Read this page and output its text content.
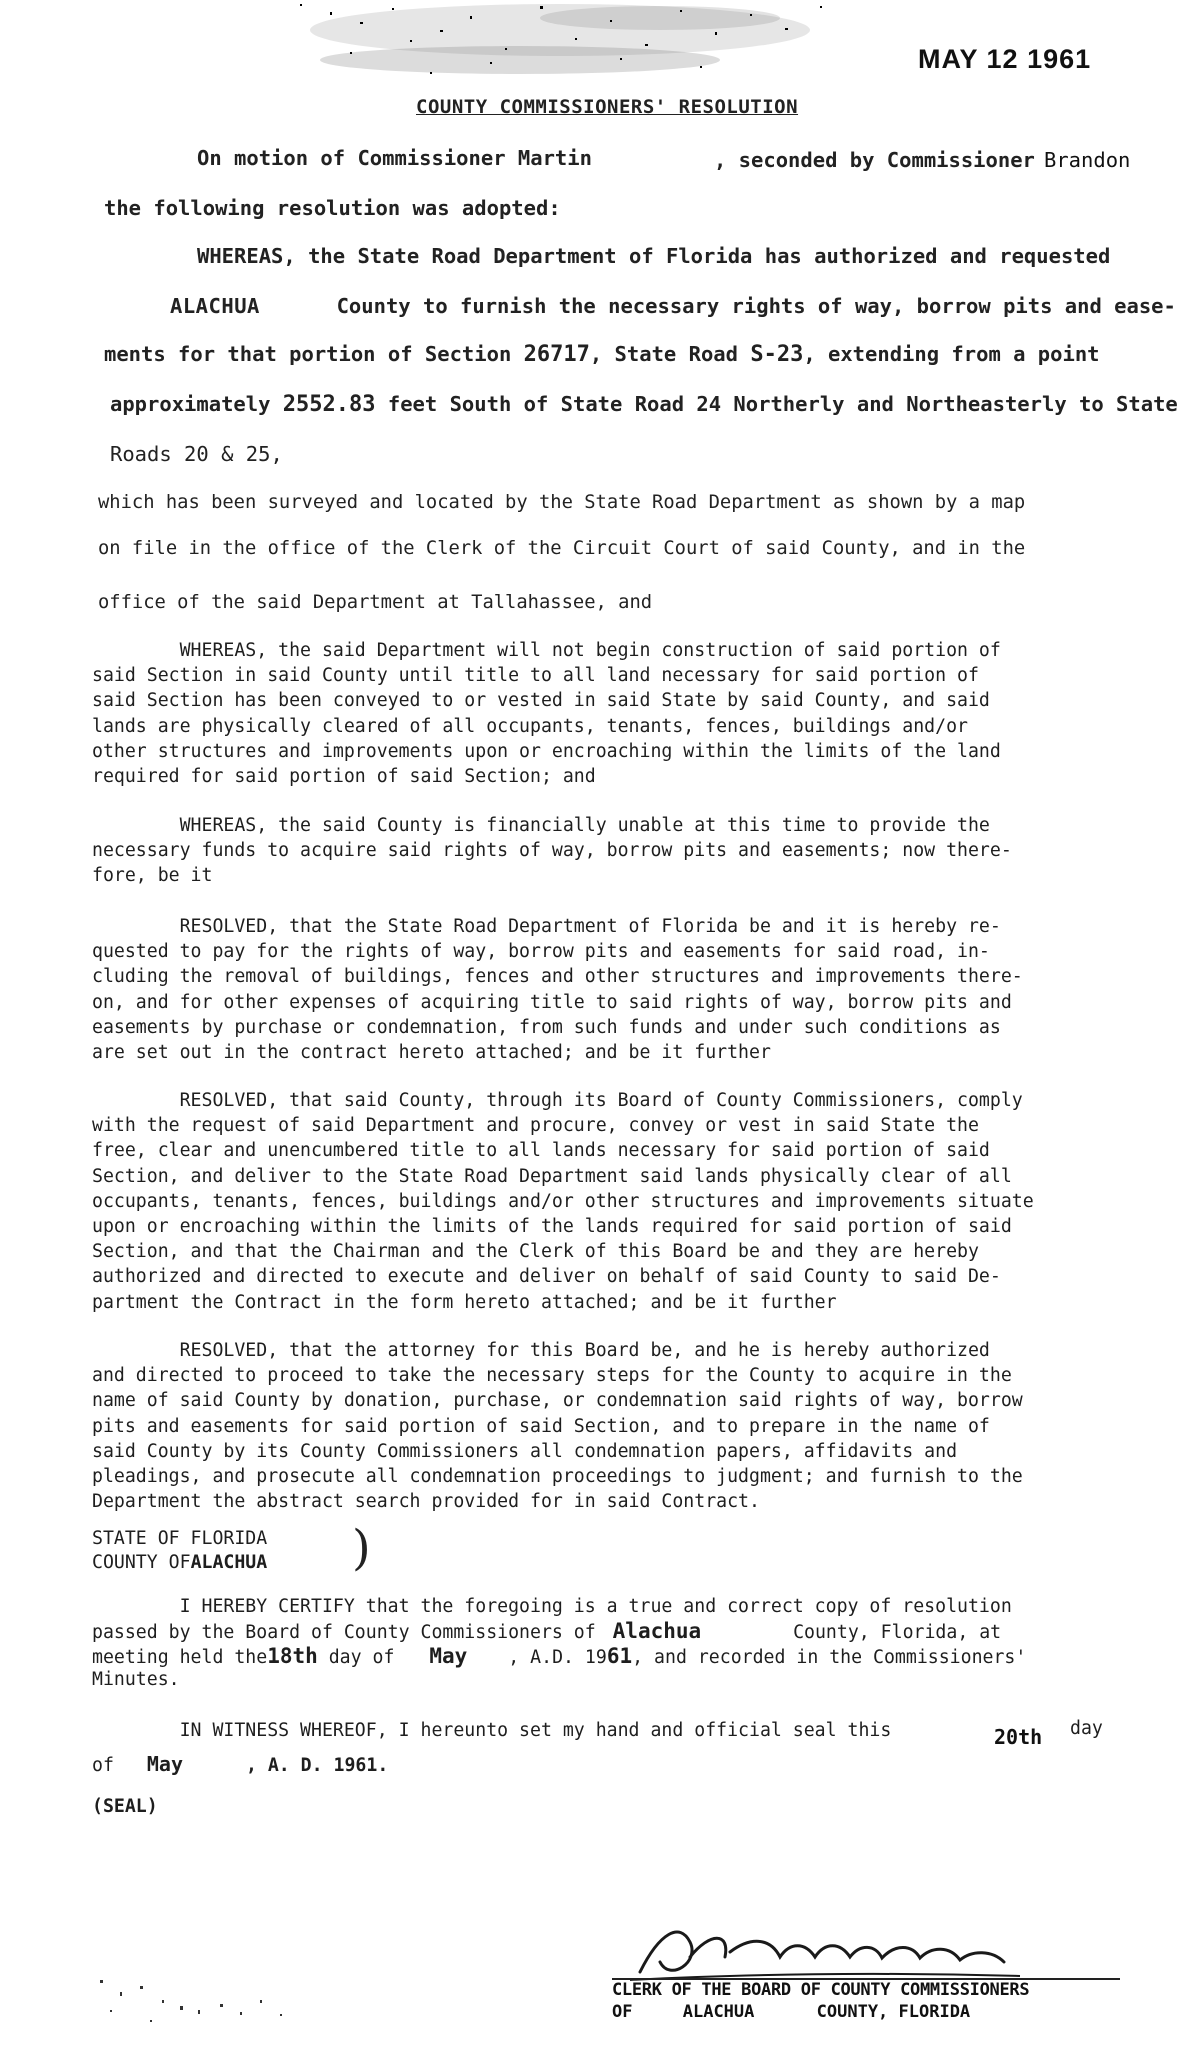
MAY 12 1961
COUNTY COMMISSIONERS' RESOLUTION
On motion of Commissioner Martin	, seconded by Commissioner Brandon
the following resolution was adopted:
WHEREAS, the State Road Department of Florida has authorized and requested
ALACHUA	County to furnish the necessary rights of way, borrow pits and ease-
ments for that portion of Section 26717, State Road S-23, extending from a point
approximately 2552.83 feet South of State Road 24 Northerly and Northeasterly to State
Roads 20 & 25,
which has been surveyed and located by the State Road Department as shown by a map
on file in the office of the Clerk of the Circuit Court of said County, and in the
office of the said Department at Tallahassee, and
WHEREAS, the said Department will not begin construction of said portion of
said Section in said County until title to all land necessary for said portion of
said Section has been conveyed to or vested in said State by said County, and said
lands are physically cleared of all occupants, tenants, fences, buildings and/or
other structures and improvements upon or encroaching within the limits of the land
required for said portion of said Section; and
WHEREAS, the said County is financially unable at this time to provide the
necessary funds to acquire said rights of way, borrow pits and easements; now there-
fore, be it
RESOLVED, that the State Road Department of Florida be and it is hereby re-
quested to pay for the rights of way, borrow pits and easements for said road, in-
cluding the removal of buildings, fences and other structures and improvements there-
on, and for other expenses of acquiring title to said rights of way, borrow pits and
easements by purchase or condemnation, from such funds and under such conditions as
are set out in the contract hereto attached; and be it further
RESOLVED, that said County, through its Board of County Commissioners, comply
with the request of said Department and procure, convey or vest in said State the
free, clear and unencumbered title to all lands necessary for said portion of said
Section, and deliver to the State Road Department said lands physically clear of all
occupants, tenants, fences, buildings and/or other structures and improvements situate
upon or encroaching within the limits of the lands required for said portion of said
Section, and that the Chairman and the Clerk of this Board be and they are hereby
authorized and directed to execute and deliver on behalf of said County to said De-
partment the Contract in the form hereto attached; and be it further
RESOLVED, that the attorney for this Board be, and he is hereby authorized
and directed to proceed to take the necessary steps for the County to acquire in the
name of said County by donation, purchase, or condemnation said rights of way, borrow
pits and easements for said portion of said Section, and to prepare in the name of
said County by its County Commissioners all condemnation papers, affidavits and
pleadings, and prosecute all condemnation proceedings to judgment; and furnish to the
Department the abstract search provided for in said Contract.
STATE OF FLORIDA
COUNTY OFALACHUA )
I HEREBY CERTIFY that the foregoing is a true and correct copy of resolution
passed by the Board of County Commissioners of Alachua	County, Florida, at
meeting held the18th day of May , A.D. 1961, and recorded in the Commissioners'
Minutes.
IN WITNESS WHEREOF, I hereunto set my hand and official seal this	20th day
of May	, A. D. 1961.
(SEAL)
CLERK OF THE BOARD OF COUNTY COMMISSIONERS
OF	ALACHUA	COUNTY, FLORIDA
